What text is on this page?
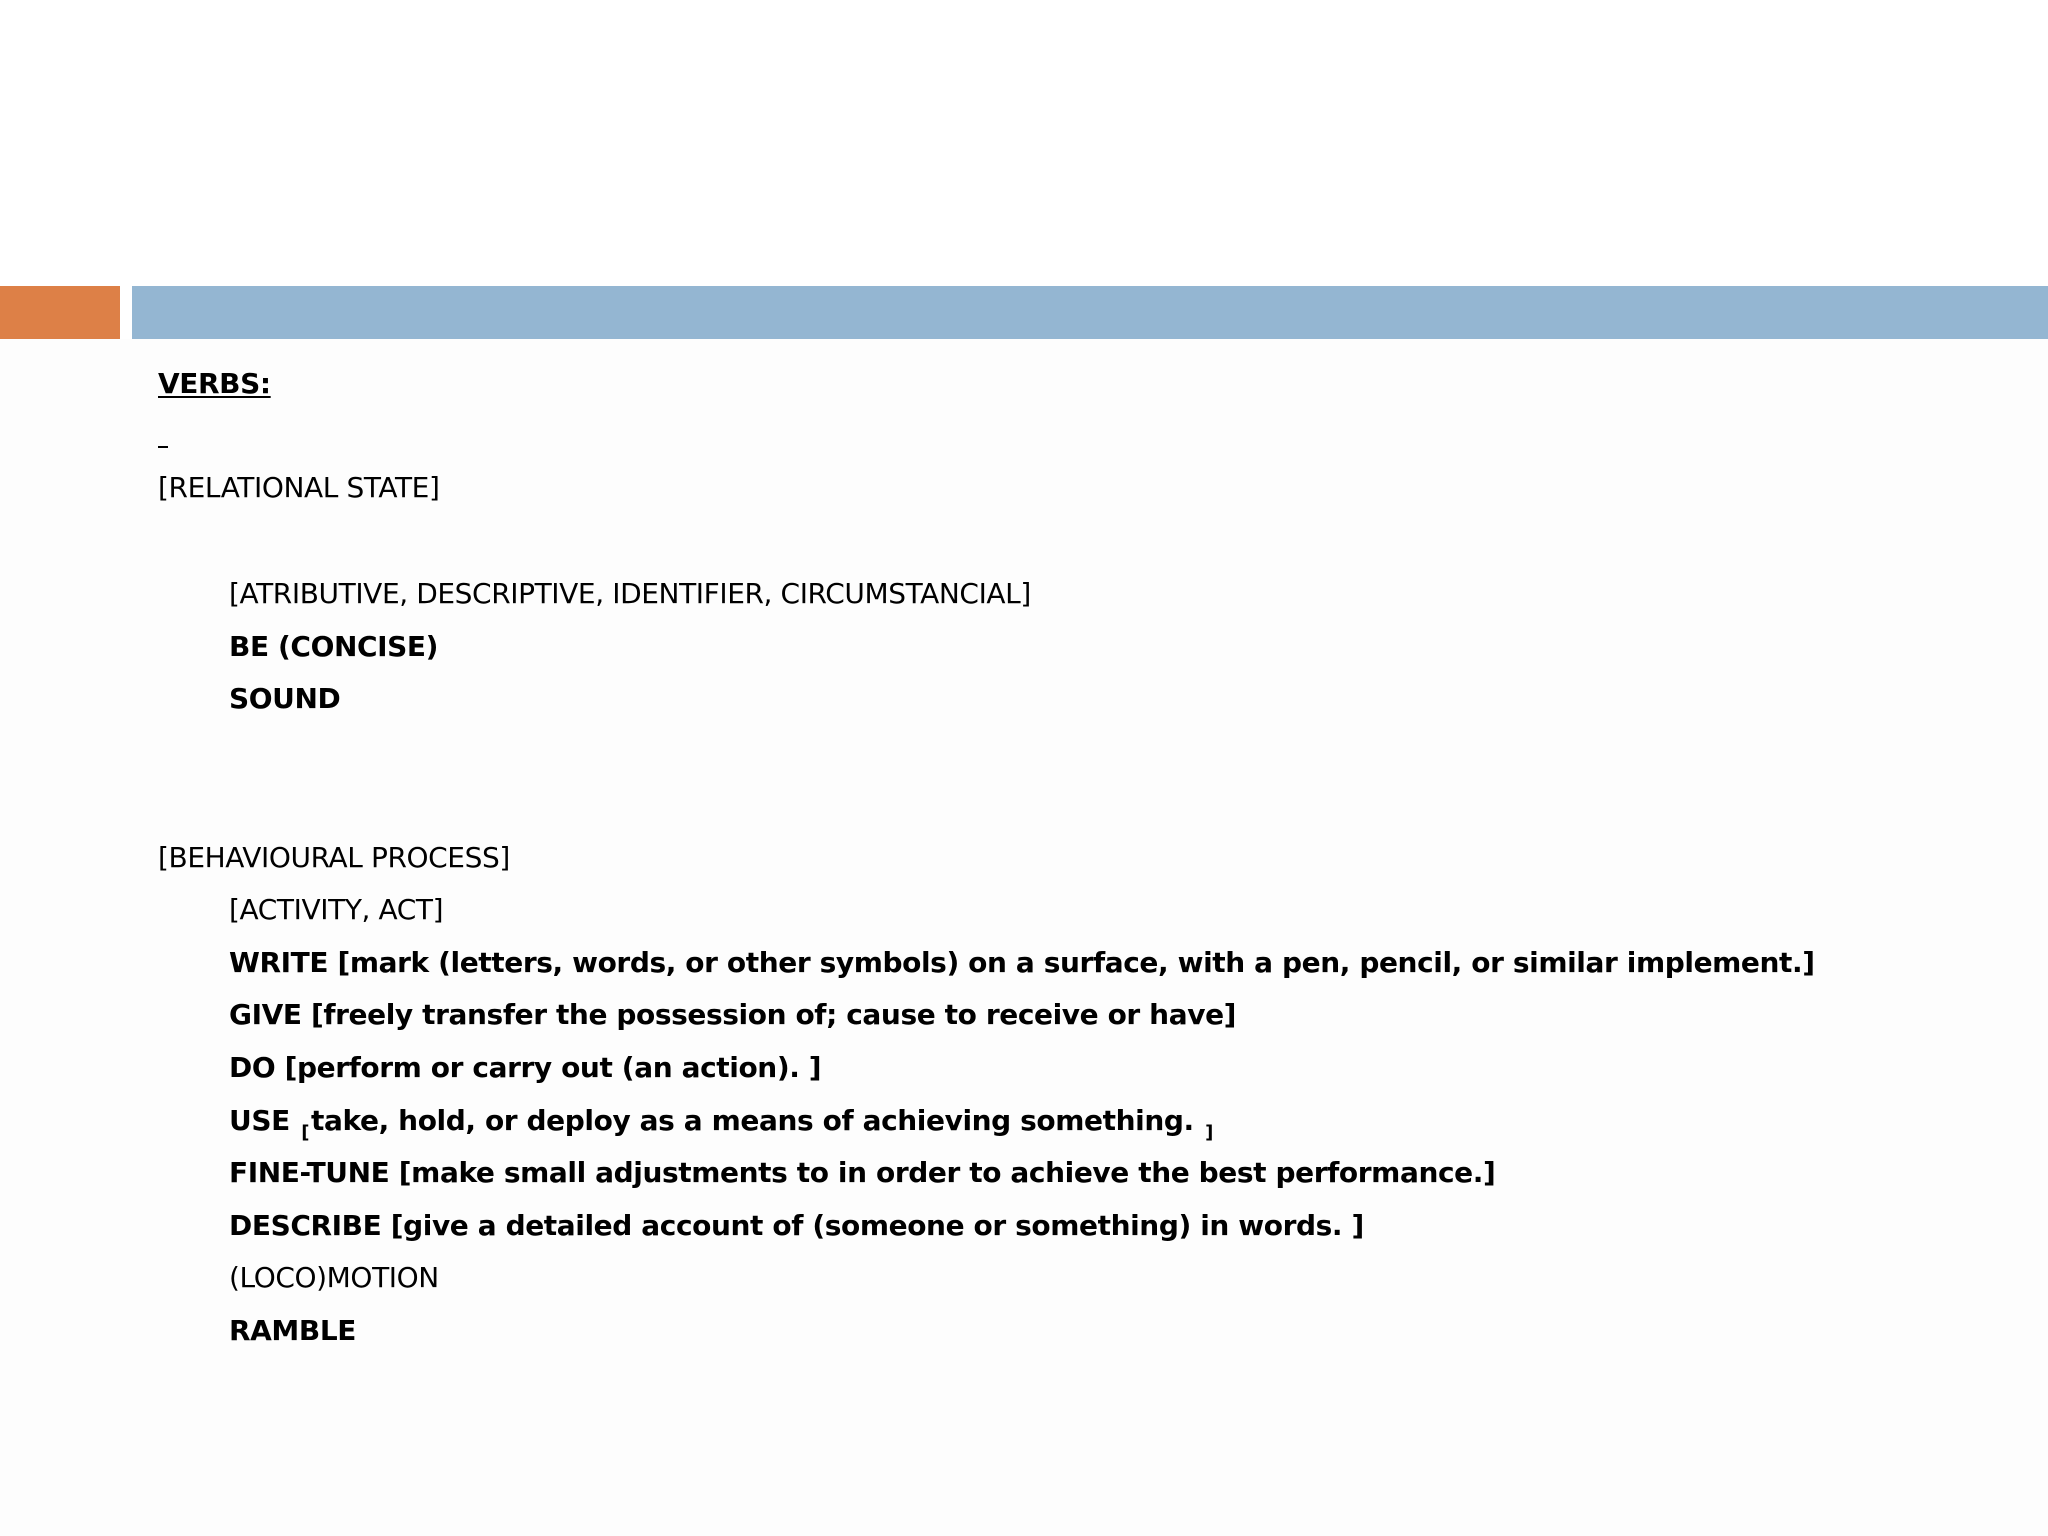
VERBS:
[RELATIONAL STATE]
[ATRIBUTIVE, DESCRIPTIVE, IDENTIFIER, CIRCUMSTANCIAL]
BE (CONCISE)
SOUND
[BEHAVIOURAL PROCESS]
[ACTIVITY, ACT]
WRITE [mark (letters, words, or other symbols) on a surface, with a pen, pencil, or similar implement.]
GIVE [freely transfer the possession of; cause to receive or have]
DO [perform or carry out (an action). ]
USE $_[$take, hold, or deploy as a means of achieving something. $_]$
FINE-TUNE [make small adjustments to in order to achieve the best performance.]
DESCRIBE [give a detailed account of (someone or something) in words. ]
(LOCO)MOTION
RAMBLE
